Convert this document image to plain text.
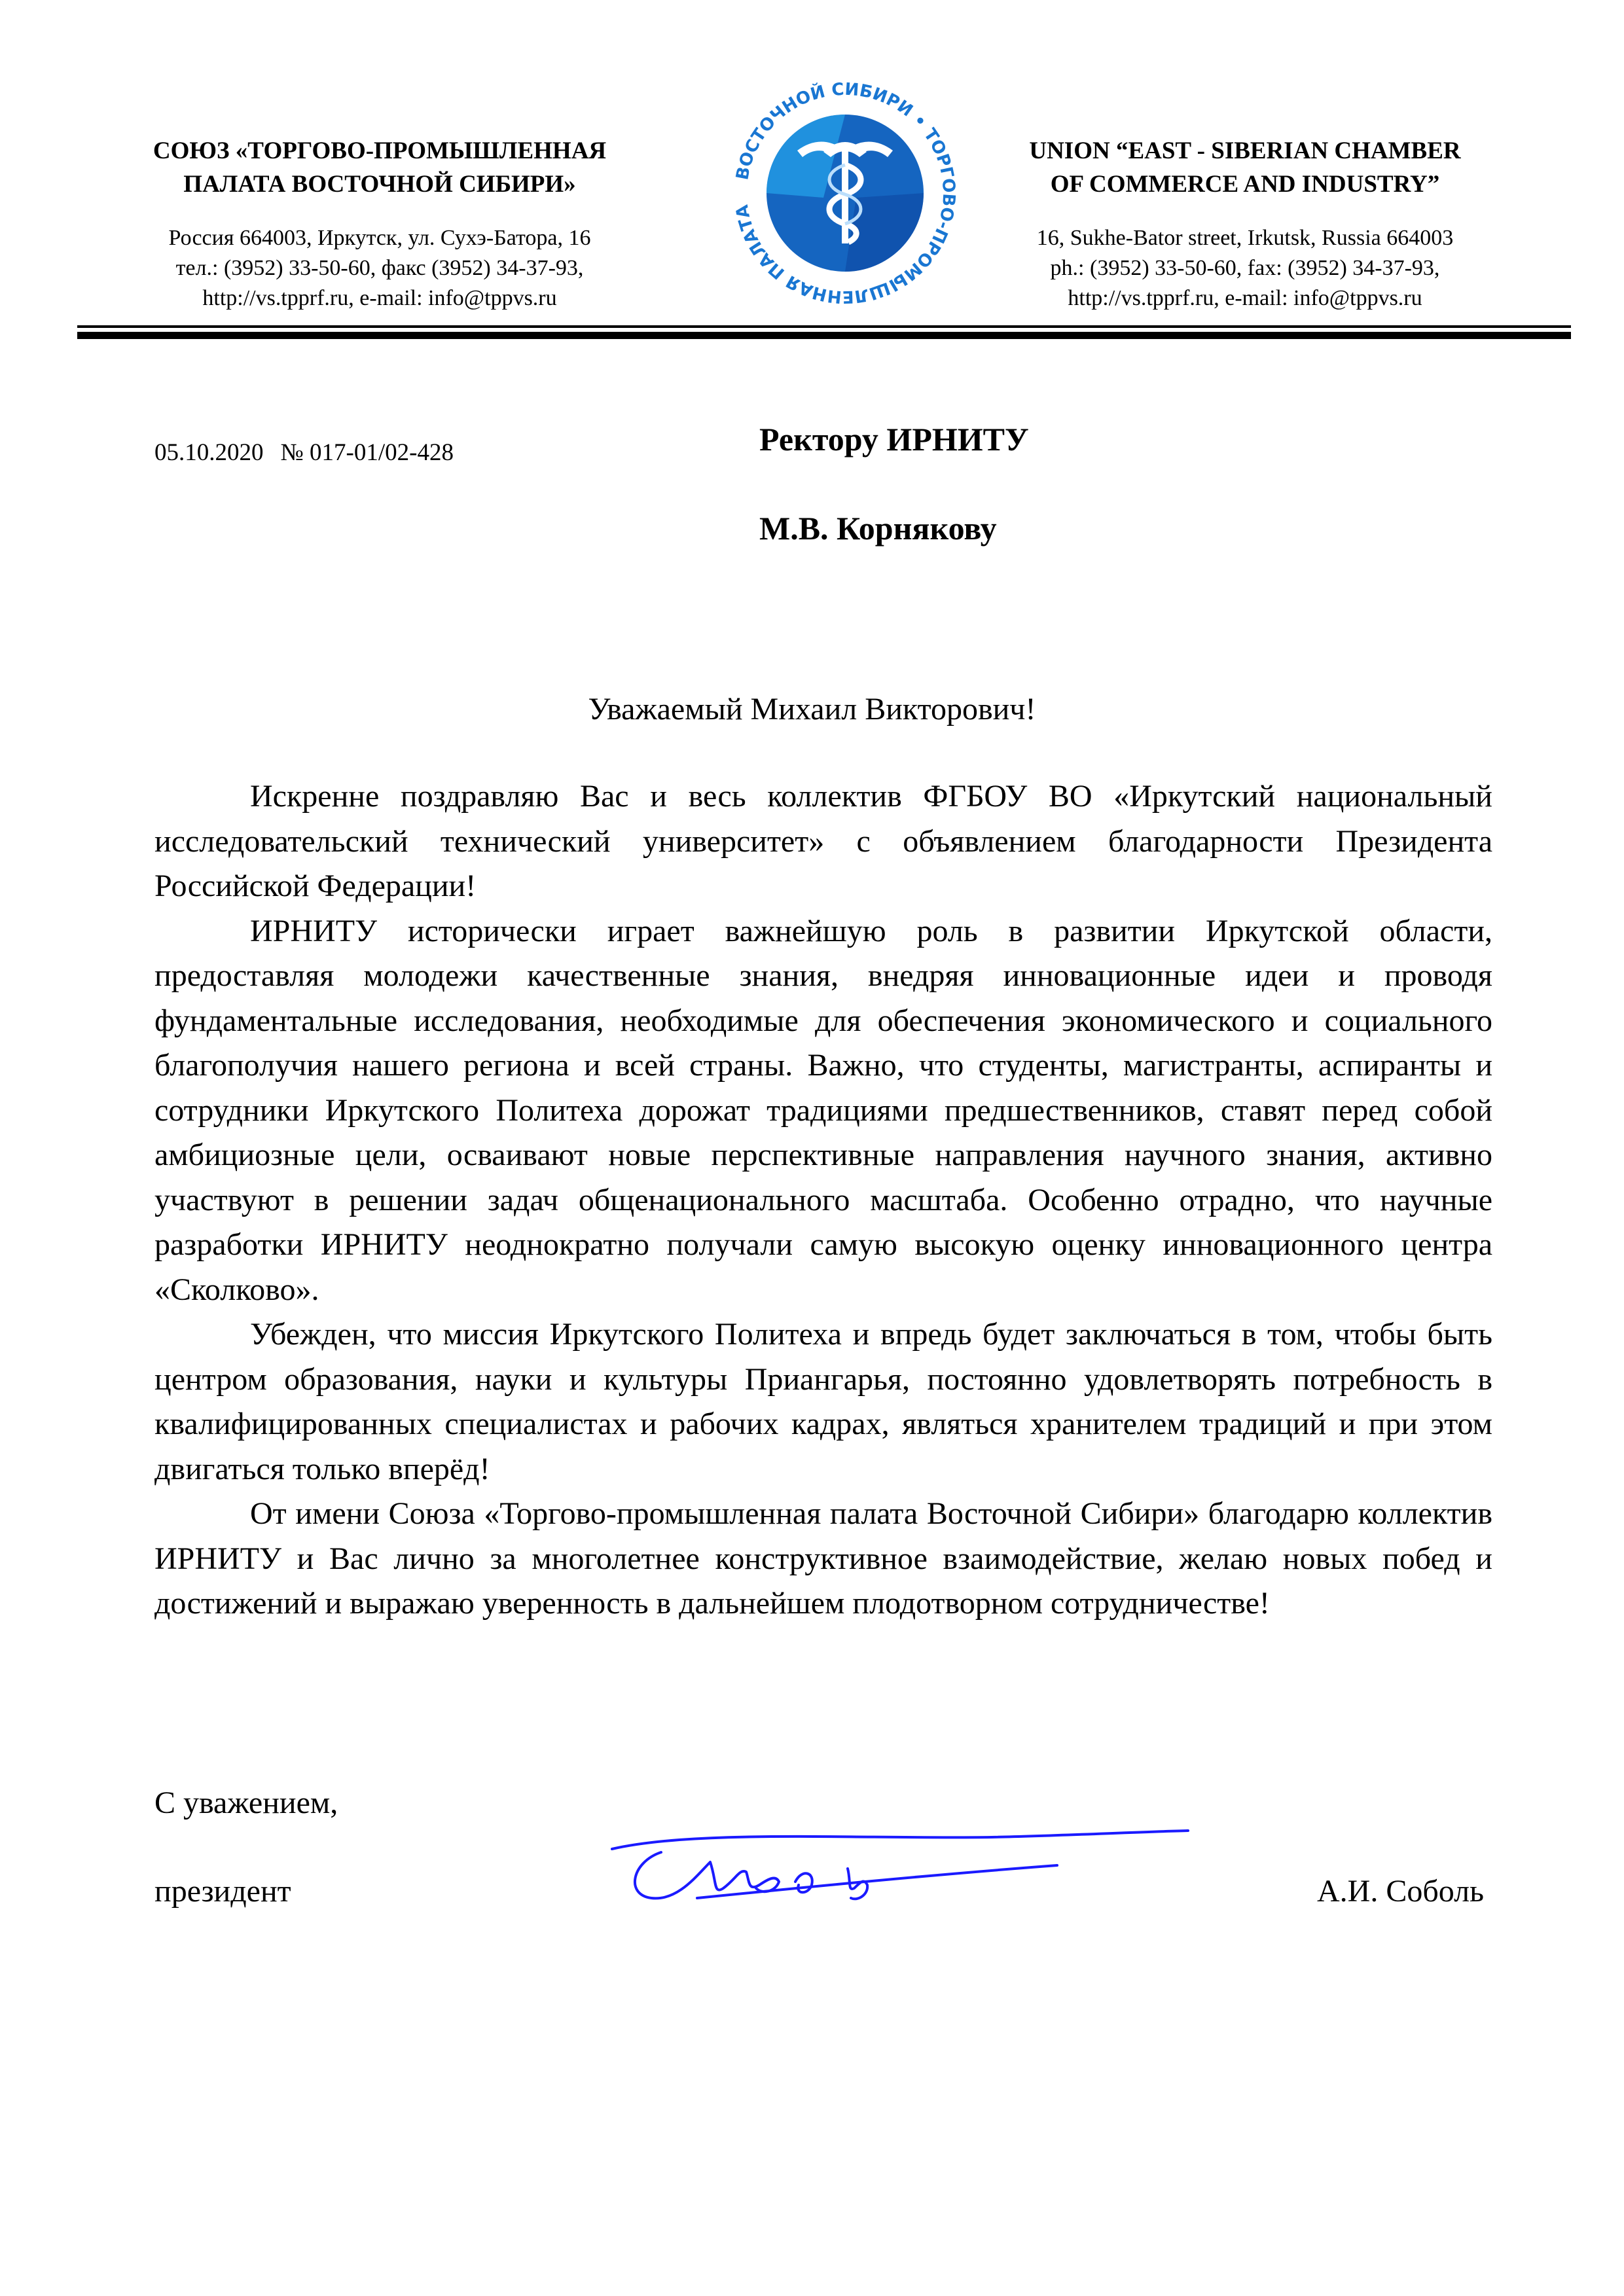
СОЮЗ «ТОРГОВО-ПРОМЫШЛЕННАЯ
ПАЛАТА ВОСТОЧНОЙ СИБИРИ»
Россия 664003, Иркутск, ул. Сухэ-Батора, 16
тел.: (3952) 33-50-60, факс (3952) 34-37-93,
http://vs.tpprf.ru, e-mail: info@tppvs.ru
ВОСТОЧНОЙ СИБИРИ • ТОРГОВО-ПРОМЫШЛЕННАЯ ПАЛАТА
UNION “EAST - SIBERIAN CHAMBER
OF COMMERCE AND INDUSTRY”
16, Sukhe-Bator street, Irkutsk, Russia 664003
ph.: (3952) 33-50-60, fax: (3952) 34-37-93,
http://vs.tpprf.ru, e-mail: info@tppvs.ru
05.10.2020 № 017-01/02-428	Ректору ИРНИТУ
М.В. Корнякову
Уважаемый Михаил Викторович!

Искренне поздравляю Вас и весь коллектив ФГБОУ ВО «Иркутский национальный исследовательский технический университет» с объявлением благодарности Президента Российской Федерации!

ИРНИТУ исторически играет важнейшую роль в развитии Иркутской области, предоставляя молодежи качественные знания, внедряя инновационные идеи и проводя фундаментальные исследования, необходимые для обеспечения экономического и социального благополучия нашего региона и всей страны. Важно, что студенты, магистранты, аспиранты и сотрудники Иркутского Политеха дорожат традициями предшественников, ставят перед собой амбициозные цели, осваивают новые перспективные направления научного знания, активно участвуют в решении задач общенационального масштаба. Особенно отрадно, что научные разработки ИРНИТУ неоднократно получали самую высокую оценку инновационного центра «Сколково».

Убежден, что миссия Иркутского Политеха и впредь будет заключаться в том, чтобы быть центром образования, науки и культуры Приангарья, постоянно удовлетворять потребность в квалифицированных специалистах и рабочих кадрах, являться хранителем традиций и при этом двигаться только вперёд!

От имени Союза «Торгово-промышленная палата Восточной Сибири» благодарю коллектив ИРНИТУ и Вас лично за многолетнее конструктивное взаимодействие, желаю новых побед и достижений и выражаю уверенность в дальнейшем плодотворном сотрудничестве!

С уважением,
президент	А.И. Соболь
